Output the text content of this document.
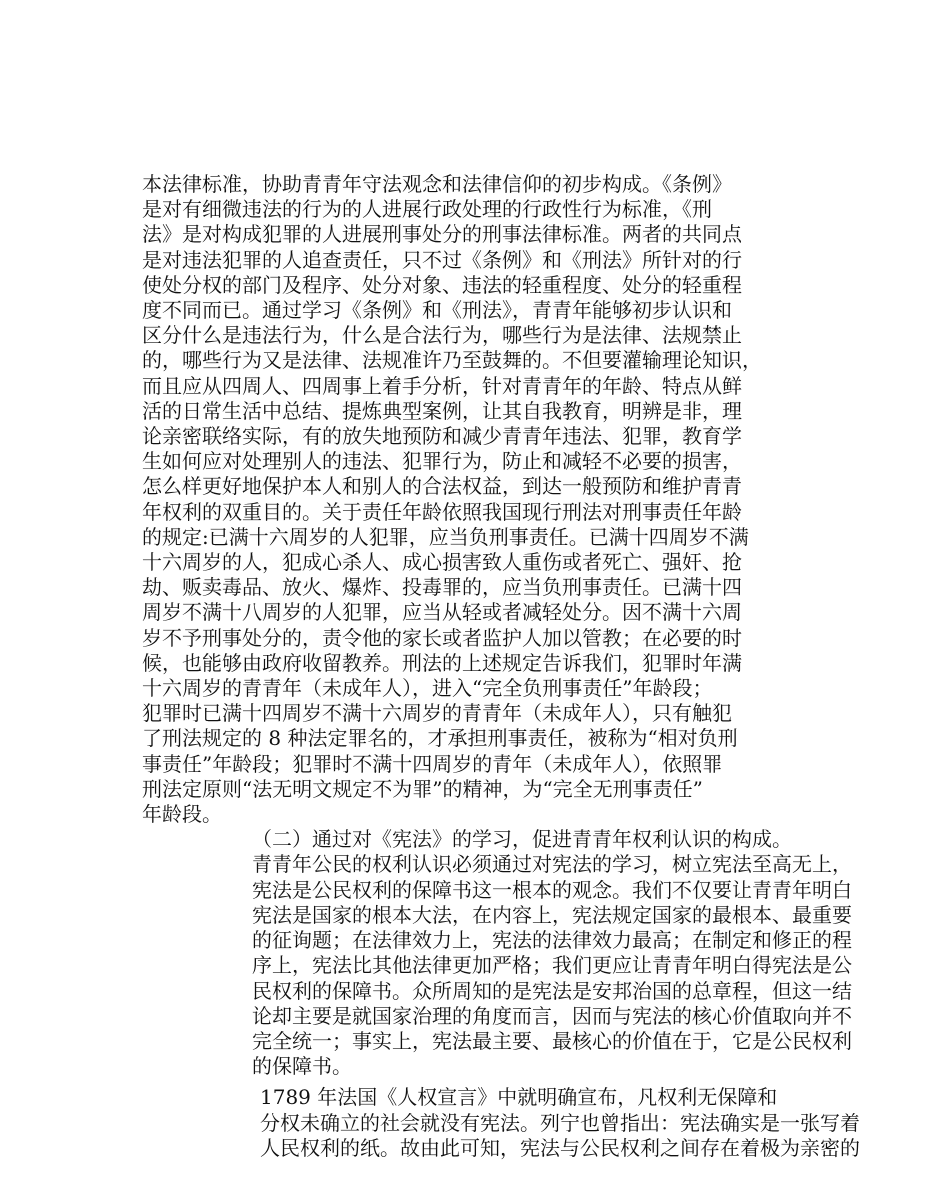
本法律标准，协助青青年守法观念和法律信仰的初步构成。《条例》
是对有细微违法的行为的人进展行政处理的行政性行为标准，《刑
法》是对构成犯罪的人进展刑事处分的刑事法律标准。两者的共同点
是对违法犯罪的人追查责任，只不过《条例》和《刑法》所针对的行
使处分权的部门及程序、处分对象、违法的轻重程度、处分的轻重程
度不同而已。通过学习《条例》和《刑法》，青青年能够初步认识和
区分什么是违法行为，什么是合法行为，哪些行为是法律、法规禁止
的，哪些行为又是法律、法规准许乃至鼓舞的。不但要灌输理论知识，
而且应从四周人、四周事上着手分析，针对青青年的年龄、特点从鲜
活的日常生活中总结、提炼典型案例，让其自我教育，明辨是非，理
论亲密联络实际，有的放失地预防和减少青青年违法、犯罪，教育学
生如何应对处理别人的违法、犯罪行为，防止和减轻不必要的损害，
怎么样更好地保护本人和别人的合法权益，到达一般预防和维护青青
年权利的双重目的。关于责任年龄依照我国现行刑法对刑事责任年龄
的规定:已满十六周岁的人犯罪，应当负刑事责任。已满十四周岁不满
十六周岁的人，犯成心杀人、成心损害致人重伤或者死亡、强奸、抢
劫、贩卖毒品、放火、爆炸、投毒罪的，应当负刑事责任。已满十四
周岁不满十八周岁的人犯罪，应当从轻或者减轻处分。因不满十六周
岁不予刑事处分的，责令他的家长或者监护人加以管教；在必要的时
候，也能够由政府收留教养。刑法的上述规定告诉我们，犯罪时年满
十六周岁的青青年（未成年人），进入“完全负刑事责任”年龄段；
犯罪时已满十四周岁不满十六周岁的青青年（未成年人），只有触犯
了刑法规定的 8 种法定罪名的，才承担刑事责任，被称为“相对负刑
事责任”年龄段；犯罪时不满十四周岁的青年（未成年人），依照罪
刑法定原则“法无明文规定不为罪”的精神，为“完全无刑事责任”
年龄段。
（二）通过对《宪法》的学习，促进青青年权利认识的构成。
青青年公民的权利认识必须通过对宪法的学习，树立宪法至高无上，
宪法是公民权利的保障书这一根本的观念。我们不仅要让青青年明白
宪法是国家的根本大法，在内容上，宪法规定国家的最根本、最重要
的征询题；在法律效力上，宪法的法律效力最高；在制定和修正的程
序上，宪法比其他法律更加严格；我们更应让青青年明白得宪法是公
民权利的保障书。众所周知的是宪法是安邦治国的总章程，但这一结
论却主要是就国家治理的角度而言，因而与宪法的核心价值取向并不
完全统一；事实上，宪法最主要、最核心的价值在于，它是公民权利
的保障书。
1789 年法国《人权宣言》中就明确宣布，凡权利无保障和
分权未确立的社会就没有宪法。列宁也曾指出：宪法确实是一张写着
人民权利的纸。故由此可知，宪法与公民权利之间存在着极为亲密的
